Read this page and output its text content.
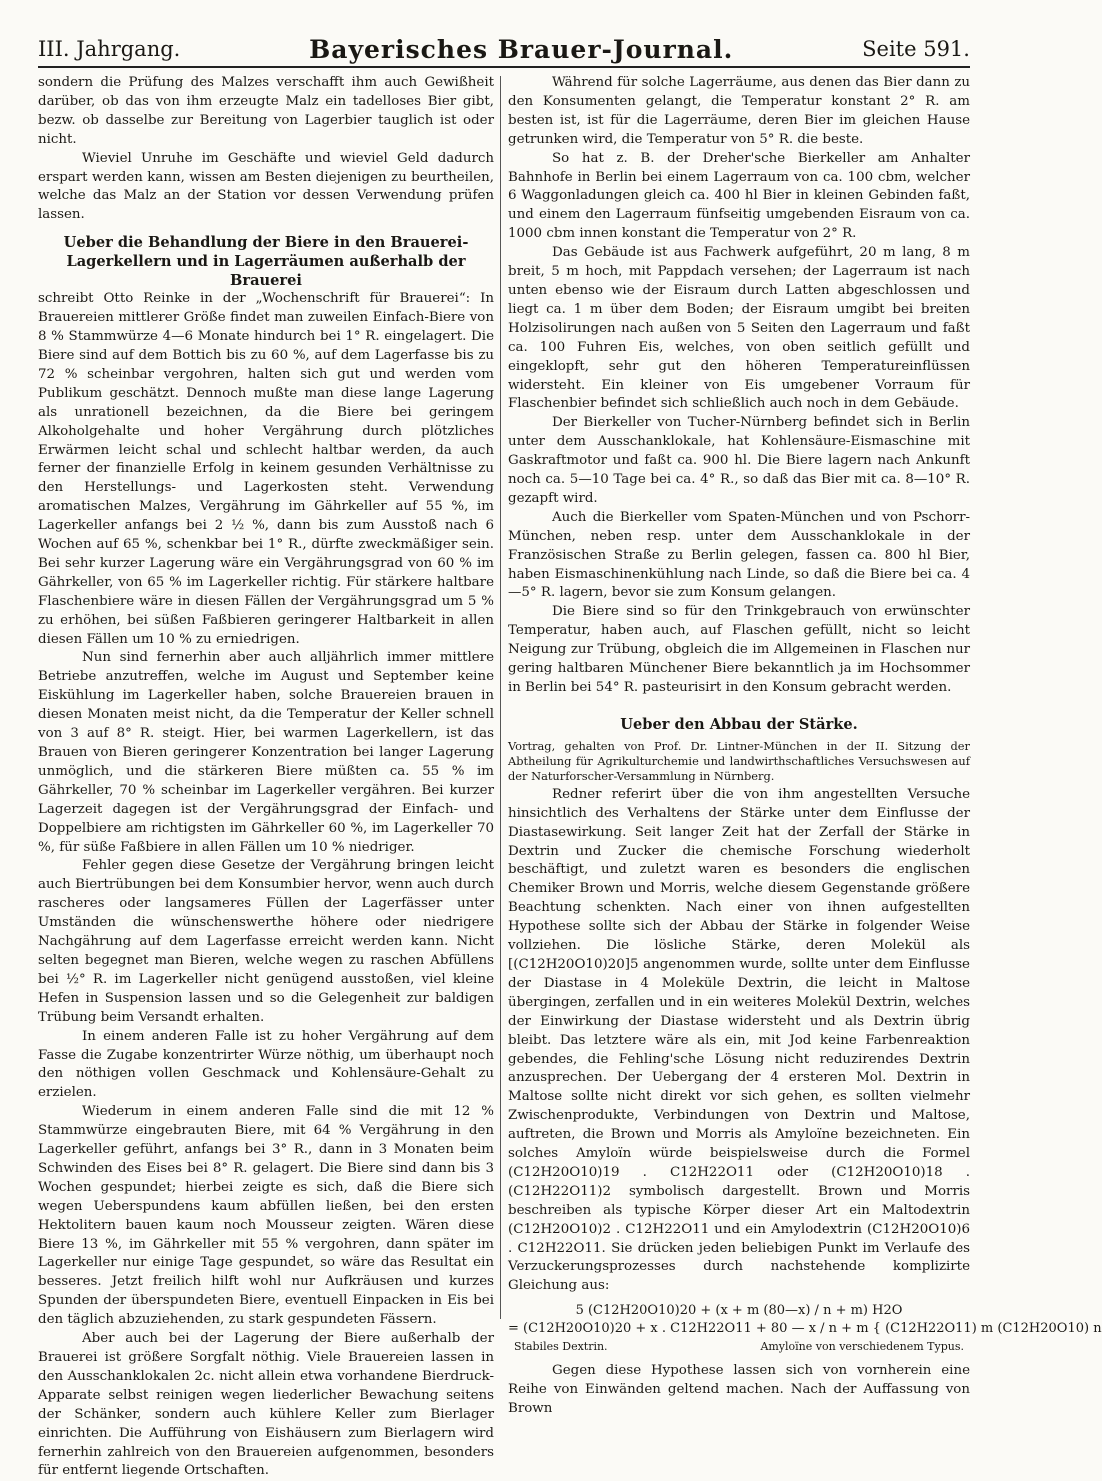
III. Jahrgang.	Bayerisches Brauer-Journal.	Seite 591.

sondern die Prüfung des Malzes verschafft ihm auch Gewißheit darüber, ob das von ihm erzeugte Malz ein tadelloses Bier gibt, bezw. ob dasselbe zur Bereitung von Lagerbier tauglich ist oder nicht.

Wieviel Unruhe im Geschäfte und wieviel Geld dadurch erspart werden kann, wissen am Besten diejenigen zu beurtheilen, welche das Malz an der Station vor dessen Verwendung prüfen lassen.

Ueber die Behandlung der Biere in den Brauerei-Lagerkellern und in Lagerräumen außerhalb der Brauerei

schreibt Otto Reinke in der „Wochenschrift für Brauerei“: In Brauereien mittlerer Größe findet man zuweilen Einfach-Biere von 8 % Stammwürze 4—6 Monate hindurch bei 1° R. eingelagert. Die Biere sind auf dem Bottich bis zu 60 %, auf dem Lagerfasse bis zu 72 % scheinbar vergohren, halten sich gut und werden vom Publikum geschätzt. Dennoch mußte man diese lange Lagerung als unrationell bezeichnen, da die Biere bei geringem Alkoholgehalte und hoher Vergährung durch plötzliches Erwärmen leicht schal und schlecht haltbar werden, da auch ferner der finanzielle Erfolg in keinem gesunden Verhältnisse zu den Herstellungs- und Lagerkosten steht. Verwendung aromatischen Malzes, Vergährung im Gährkeller auf 55 %, im Lagerkeller anfangs bei 2 ½ %, dann bis zum Ausstoß nach 6 Wochen auf 65 %, schenkbar bei 1° R., dürfte zweckmäßiger sein. Bei sehr kurzer Lagerung wäre ein Vergährungsgrad von 60 % im Gährkeller, von 65 % im Lagerkeller richtig. Für stärkere haltbare Flaschenbiere wäre in diesen Fällen der Vergährungsgrad um 5 % zu erhöhen, bei süßen Faßbieren geringerer Haltbarkeit in allen diesen Fällen um 10 % zu erniedrigen.

Nun sind fernerhin aber auch alljährlich immer mittlere Betriebe anzutreffen, welche im August und September keine Eiskühlung im Lagerkeller haben, solche Brauereien brauen in diesen Monaten meist nicht, da die Temperatur der Keller schnell von 3 auf 8° R. steigt. Hier, bei warmen Lagerkellern, ist das Brauen von Bieren geringerer Konzentration bei langer Lagerung unmöglich, und die stärkeren Biere müßten ca. 55 % im Gährkeller, 70 % scheinbar im Lagerkeller vergähren. Bei kurzer Lagerzeit dagegen ist der Vergährungsgrad der Einfach- und Doppelbiere am richtigsten im Gährkeller 60 %, im Lagerkeller 70 %, für süße Faßbiere in allen Fällen um 10 % niedriger.

Fehler gegen diese Gesetze der Vergährung bringen leicht auch Biertrübungen bei dem Konsumbier hervor, wenn auch durch rascheres oder langsameres Füllen der Lagerfässer unter Umständen die wünschenswerthe höhere oder niedrigere Nachgährung auf dem Lagerfasse erreicht werden kann. Nicht selten begegnet man Bieren, welche wegen zu raschen Abfüllens bei ½° R. im Lagerkeller nicht genügend ausstoßen, viel kleine Hefen in Suspension lassen und so die Gelegenheit zur baldigen Trübung beim Versandt erhalten.

In einem anderen Falle ist zu hoher Vergährung auf dem Fasse die Zugabe konzentrirter Würze nöthig, um überhaupt noch den nöthigen vollen Geschmack und Kohlensäure-Gehalt zu erzielen.

Wiederum in einem anderen Falle sind die mit 12 % Stammwürze eingebrauten Biere, mit 64 % Vergährung in den Lagerkeller geführt, anfangs bei 3° R., dann in 3 Monaten beim Schwinden des Eises bei 8° R. gelagert. Die Biere sind dann bis 3 Wochen gespundet; hierbei zeigte es sich, daß die Biere sich wegen Ueberspundens kaum abfüllen ließen, bei den ersten Hektolitern bauen kaum noch Mousseur zeigten. Wären diese Biere 13 %, im Gährkeller mit 55 % vergohren, dann später im Lagerkeller nur einige Tage gespundet, so wäre das Resultat ein besseres. Jetzt freilich hilft wohl nur Aufkräusen und kurzes Spunden der überspundeten Biere, eventuell Einpacken in Eis bei den täglich abzuziehenden, zu stark gespundeten Fässern.

Aber auch bei der Lagerung der Biere außerhalb der Brauerei ist größere Sorgfalt nöthig. Viele Brauereien lassen in den Ausschanklokalen 2c. nicht allein etwa vorhandene Bierdruck-Apparate selbst reinigen wegen liederlicher Bewachung seitens der Schänker, sondern auch kühlere Keller zum Bierlager einrichten. Die Aufführung von Eishäusern zum Bierlagern wird fernerhin zahlreich von den Brauereien aufgenommen, besonders für entfernt liegende Ortschaften.

Während für solche Lagerräume, aus denen das Bier dann zu den Konsumenten gelangt, die Temperatur konstant 2° R. am besten ist, ist für die Lagerräume, deren Bier im gleichen Hause getrunken wird, die Temperatur von 5° R. die beste.

So hat z. B. der Dreher'sche Bierkeller am Anhalter Bahnhofe in Berlin bei einem Lagerraum von ca. 100 cbm, welcher 6 Waggonladungen gleich ca. 400 hl Bier in kleinen Gebinden faßt, und einem den Lagerraum fünfseitig umgebenden Eisraum von ca. 1000 cbm innen konstant die Temperatur von 2° R.

Das Gebäude ist aus Fachwerk aufgeführt, 20 m lang, 8 m breit, 5 m hoch, mit Pappdach versehen; der Lagerraum ist nach unten ebenso wie der Eisraum durch Latten abgeschlossen und liegt ca. 1 m über dem Boden; der Eisraum umgibt bei breiten Holzisolirungen nach außen von 5 Seiten den Lagerraum und faßt ca. 100 Fuhren Eis, welches, von oben seitlich gefüllt und eingeklopft, sehr gut den höheren Temperatureinflüssen widersteht. Ein kleiner von Eis umgebener Vorraum für Flaschenbier befindet sich schließlich auch noch in dem Gebäude.

Der Bierkeller von Tucher-Nürnberg befindet sich in Berlin unter dem Ausschanklokale, hat Kohlensäure-Eismaschine mit Gaskraftmotor und faßt ca. 900 hl. Die Biere lagern nach Ankunft noch ca. 5—10 Tage bei ca. 4° R., so daß das Bier mit ca. 8—10° R. gezapft wird.

Auch die Bierkeller vom Spaten-München und von Pschorr-München, neben resp. unter dem Ausschanklokale in der Französischen Straße zu Berlin gelegen, fassen ca. 800 hl Bier, haben Eismaschinenkühlung nach Linde, so daß die Biere bei ca. 4—5° R. lagern, bevor sie zum Konsum gelangen.

Die Biere sind so für den Trinkgebrauch von erwünschter Temperatur, haben auch, auf Flaschen gefüllt, nicht so leicht Neigung zur Trübung, obgleich die im Allgemeinen in Flaschen nur gering haltbaren Münchener Biere bekanntlich ja im Hochsommer in Berlin bei 54° R. pasteurisirt in den Konsum gebracht werden.

Ueber den Abbau der Stärke.
Vortrag, gehalten von Prof. Dr. Lintner-München in der II. Sitzung der Abtheilung für Agrikulturchemie und landwirthschaftliches Versuchswesen auf der Naturforscher-Versammlung in Nürnberg.

Redner referirt über die von ihm angestellten Versuche hinsichtlich des Verhaltens der Stärke unter dem Einflusse der Diastasewirkung. Seit langer Zeit hat der Zerfall der Stärke in Dextrin und Zucker die chemische Forschung wiederholt beschäftigt, und zuletzt waren es besonders die englischen Chemiker Brown und Morris, welche diesem Gegenstande größere Beachtung schenkten. Nach einer von ihnen aufgestellten Hypothese sollte sich der Abbau der Stärke in folgender Weise vollziehen. Die lösliche Stärke, deren Molekül als [(C12H20O10)20]5 angenommen wurde, sollte unter dem Einflusse der Diastase in 4 Moleküle Dextrin, die leicht in Maltose übergingen, zerfallen und in ein weiteres Molekül Dextrin, welches der Einwirkung der Diastase widersteht und als Dextrin übrig bleibt. Das letztere wäre als ein, mit Jod keine Farbenreaktion gebendes, die Fehling'sche Lösung nicht reduzirendes Dextrin anzusprechen. Der Uebergang der 4 ersteren Mol. Dextrin in Maltose sollte nicht direkt vor sich gehen, es sollten vielmehr Zwischenprodukte, Verbindungen von Dextrin und Maltose, auftreten, die Brown und Morris als Amyloïne bezeichneten. Ein solches Amyloïn würde beispielsweise durch die Formel (C12H20O10)19 . C12H22O11 oder (C12H20O10)18 . (C12H22O11)2 symbolisch dargestellt. Brown und Morris beschreiben als typische Körper dieser Art ein Maltodextrin (C12H20O10)2 . C12H22O11 und ein Amylodextrin (C12H20O10)6 . C12H22O11. Sie drücken jeden beliebigen Punkt im Verlaufe des Verzuckerungsprozesses durch nachstehende komplizirte Gleichung aus:

5 (C12H20O10)20 + (x + m (80—x) / n + m) H2O
= (C12H20O10)20 + x . C12H22O11 + 80 — x / n + m { (C12H22O11) m (C12H20O10) n
Stabiles Dextrin.	Amyloïne von verschiedenem Typus.

Gegen diese Hypothese lassen sich von vornherein eine Reihe von Einwänden geltend machen. Nach der Auffassung von Brown
